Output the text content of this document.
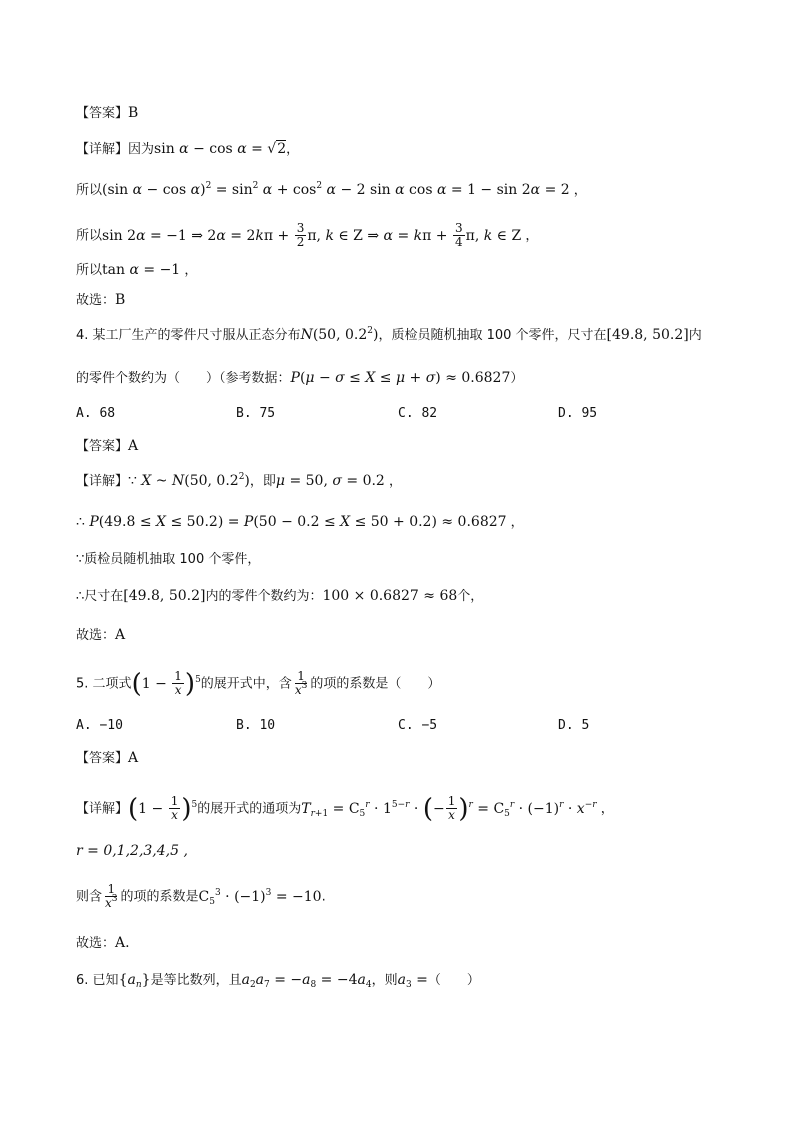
【答案】B
【详解】因为sin α − cos α = √2，
所以(sin $\alpha - \cos \alpha)^2 = \sin^2 \alpha + \cos^2 \alpha - 2$ sin α cos α = 1 − sin 2α = 2 ，
所以sin 2α = −1 ⇒ $2\alpha = 2k\pi + \frac{3}{2} \pi$, k ∈ Z ⇒ $\alpha = k\pi + \frac{3}{4} \pi$, k ∈ Z ，
所以tan α = −1 ，
故选：B
4. 某工厂生产的零件尺寸服从正态分布N(50, $0.2^2$)，质检员随机抽取 100 个零件，尺寸在[49.8, 50.2]内
的零件个数约为（　　）（参考数据：P(μ − σ ≤ X ≤ μ + σ) ≈ 0.6827）
A. 68	B. 75	C. 82	D. 95
【答案】A
【详解】∵ X ~ N(50, $0.2^2$)，即μ = 50, σ = 0.2 ，
∴ P(49.8 ≤ X ≤ 50.2) = P(50 − 0.2 ≤ X ≤ 50 + 0.2) ≈ 0.6827 ，
∵质检员随机抽取 100 个零件，
∴尺寸在[49.8, 50.2]内的零件个数约为：100 × 0.6827 ≈ 68个，
故选：A
5. 二项式$(1 - \frac{1}{x} )^5$的展开式中，含 $\frac{1}{x^3}$ 的项的系数是（　　）
A. −10	B. 10	C. −5	D. 5
【答案】A
【详解】$(1 - \frac{1}{x} )^5$的展开式的通项为$T_{r+1} = C_5^r \cdot 1^{5-r}$ · (− $\frac{1}{x} )^r = C_5^r \cdot (-1)^r \cdot x^{-r}$ ，
r = 0,1,2,3,4,5 ,
则含 $\frac{1}{x^3}$ 的项的系数是$C_5^3 \cdot (-1)^3 = -10$.
故选：A.
6. 已知$\{a_n\}$是等比数列，且$a_2a_7 = -a_8 = -4a_4$，则$a_3$ =（　　）
